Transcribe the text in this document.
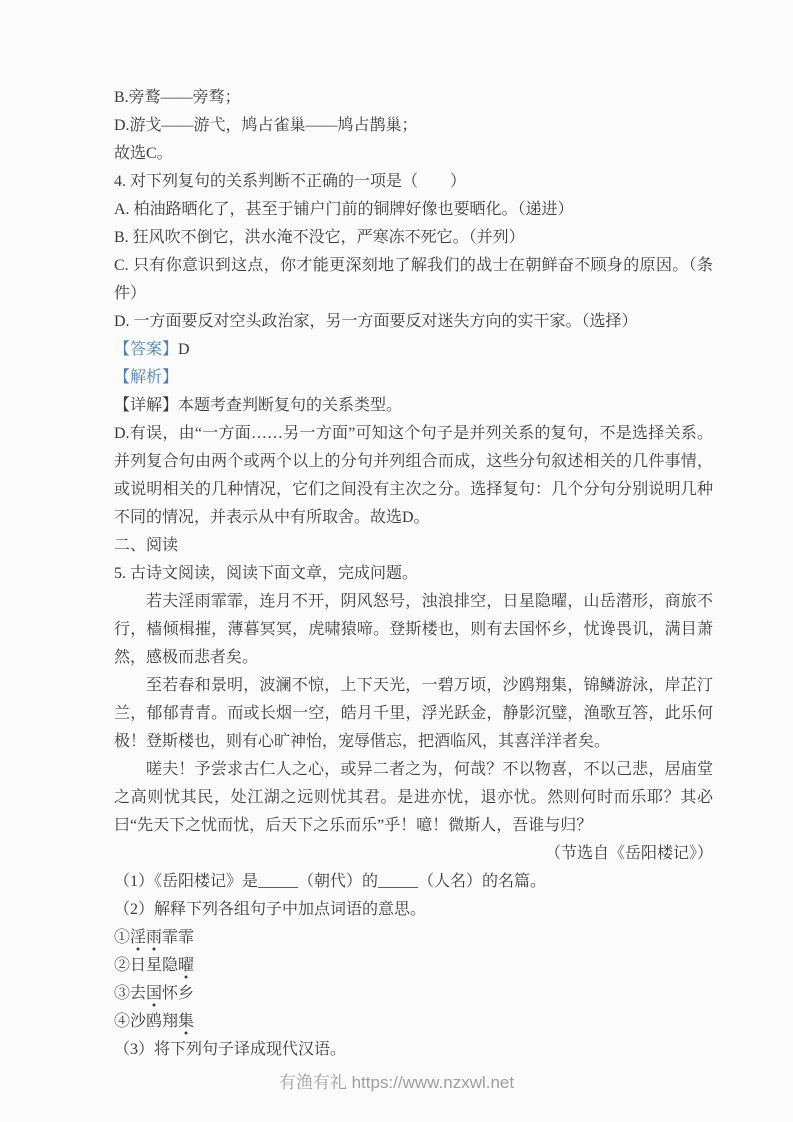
B.旁鹜——旁骛；
D.游戈——游弋，鸠占雀巢——鸠占鹊巢；
故选C。
4. 对下列复句的关系判断不正确的一项是（　　）
A. 柏油路晒化了，甚至于铺户门前的铜牌好像也要晒化。（递进）
B. 狂风吹不倒它，洪水淹不没它，严寒冻不死它。（并列）
C. 只有你意识到这点，你才能更深刻地了解我们的战士在朝鲜奋不顾身的原因。（条件）
D. 一方面要反对空头政治家，另一方面要反对迷失方向的实干家。（选择）
【答案】D
【解析】
【详解】本题考查判断复句的关系类型。
D.有误，由“一方面……另一方面”可知这个句子是并列关系的复句，不是选择关系。并列复合句由两个或两个以上的分句并列组合而成，这些分句叙述相关的几件事情，或说明相关的几种情况，它们之间没有主次之分。选择复句：几个分句分别说明几种不同的情况，并表示从中有所取舍。故选D。
二、阅读
5. 古诗文阅读，阅读下面文章，完成问题。
若夫淫雨霏霏，连月不开，阴风怒号，浊浪排空，日星隐曜，山岳潜形，商旅不行，樯倾楫摧，薄暮冥冥，虎啸猿啼。登斯楼也，则有去国怀乡，忧谗畏讥，满目萧然，感极而悲者矣。
至若春和景明，波澜不惊，上下天光，一碧万顷，沙鸥翔集，锦鳞游泳，岸芷汀兰，郁郁青青。而或长烟一空，皓月千里，浮光跃金，静影沉璧，渔歌互答，此乐何极！登斯楼也，则有心旷神怡，宠辱偕忘，把酒临风，其喜洋洋者矣。
嗟夫！予尝求古仁人之心，或异二者之为，何哉？不以物喜，不以己悲，居庙堂之高则忧其民，处江湖之远则忧其君。是进亦忧，退亦忧。然则何时而乐耶？其必曰“先天下之忧而忧，后天下之乐而乐”乎！噫！微斯人，吾谁与归？
（节选自《岳阳楼记》）
（1）《岳阳楼记》是_____（朝代）的_____（人名）的名篇。
（2）解释下列各组句子中加点词语的意思。
①淫雨霏霏
②日星隐曜
③去国怀乡
④沙鸥翔集
（3）将下列句子译成现代汉语。
有渔有礼 https://www.nzxwl.net
